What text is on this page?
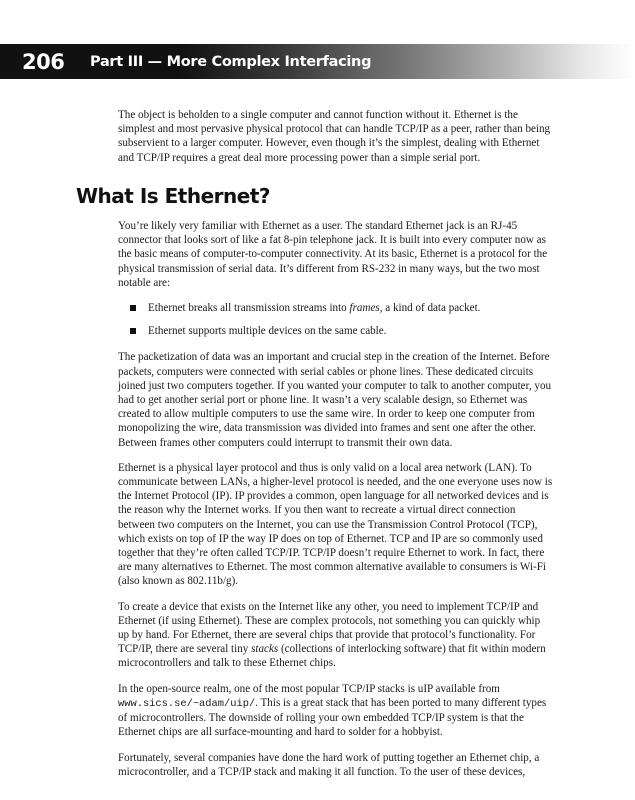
206 Part III — More Complex Interfacing

The object is beholden to a single computer and cannot function without it. Ethernet is the simplest and most pervasive physical protocol that can handle TCP/IP as a peer, rather than being subservient to a larger computer. However, even though it’s the simplest, dealing with Ethernet and TCP/IP requires a great deal more processing power than a simple serial port.

What Is Ethernet?

You’re likely very familiar with Ethernet as a user. The standard Ethernet jack is an RJ-45 connector that looks sort of like a fat 8-pin telephone jack. It is built into every computer now as the basic means of computer-to-computer connectivity. At its basic, Ethernet is a protocol for the physical transmission of serial data. It’s different from RS-232 in many ways, but the two most notable are:

Ethernet breaks all transmission streams into frames, a kind of data packet.
Ethernet supports multiple devices on the same cable.

The packetization of data was an important and crucial step in the creation of the Internet. Before packets, computers were connected with serial cables or phone lines. These dedicated circuits joined just two computers together. If you wanted your computer to talk to another computer, you had to get another serial port or phone line. It wasn’t a very scalable design, so Ethernet was created to allow multiple computers to use the same wire. In order to keep one computer from monopolizing the wire, data transmission was divided into frames and sent one after the other. Between frames other computers could interrupt to transmit their own data.

Ethernet is a physical layer protocol and thus is only valid on a local area network (LAN). To communicate between LANs, a higher-level protocol is needed, and the one everyone uses now is the Internet Protocol (IP). IP provides a common, open language for all networked devices and is the reason why the Internet works. If you then want to recreate a virtual direct connection between two computers on the Internet, you can use the Transmission Control Protocol (TCP), which exists on top of IP the way IP does on top of Ethernet. TCP and IP are so commonly used together that they’re often called TCP/IP. TCP/IP doesn’t require Ethernet to work. In fact, there are many alternatives to Ethernet. The most common alternative available to consumers is Wi-Fi (also known as 802.11b/g).

To create a device that exists on the Internet like any other, you need to implement TCP/IP and Ethernet (if using Ethernet). These are complex protocols, not something you can quickly whip up by hand. For Ethernet, there are several chips that provide that protocol’s functionality. For TCP/IP, there are several tiny stacks (collections of interlocking software) that fit within modern microcontrollers and talk to these Ethernet chips.

In the open-source realm, one of the most popular TCP/IP stacks is uIP available from www.sics.se/~adam/uip/. This is a great stack that has been ported to many different types of microcontrollers. The downside of rolling your own embedded TCP/IP system is that the Ethernet chips are all surface-mounting and hard to solder for a hobbyist.

Fortunately, several companies have done the hard work of putting together an Ethernet chip, a microcontroller, and a TCP/IP stack and making it all function. To the user of these devices,
